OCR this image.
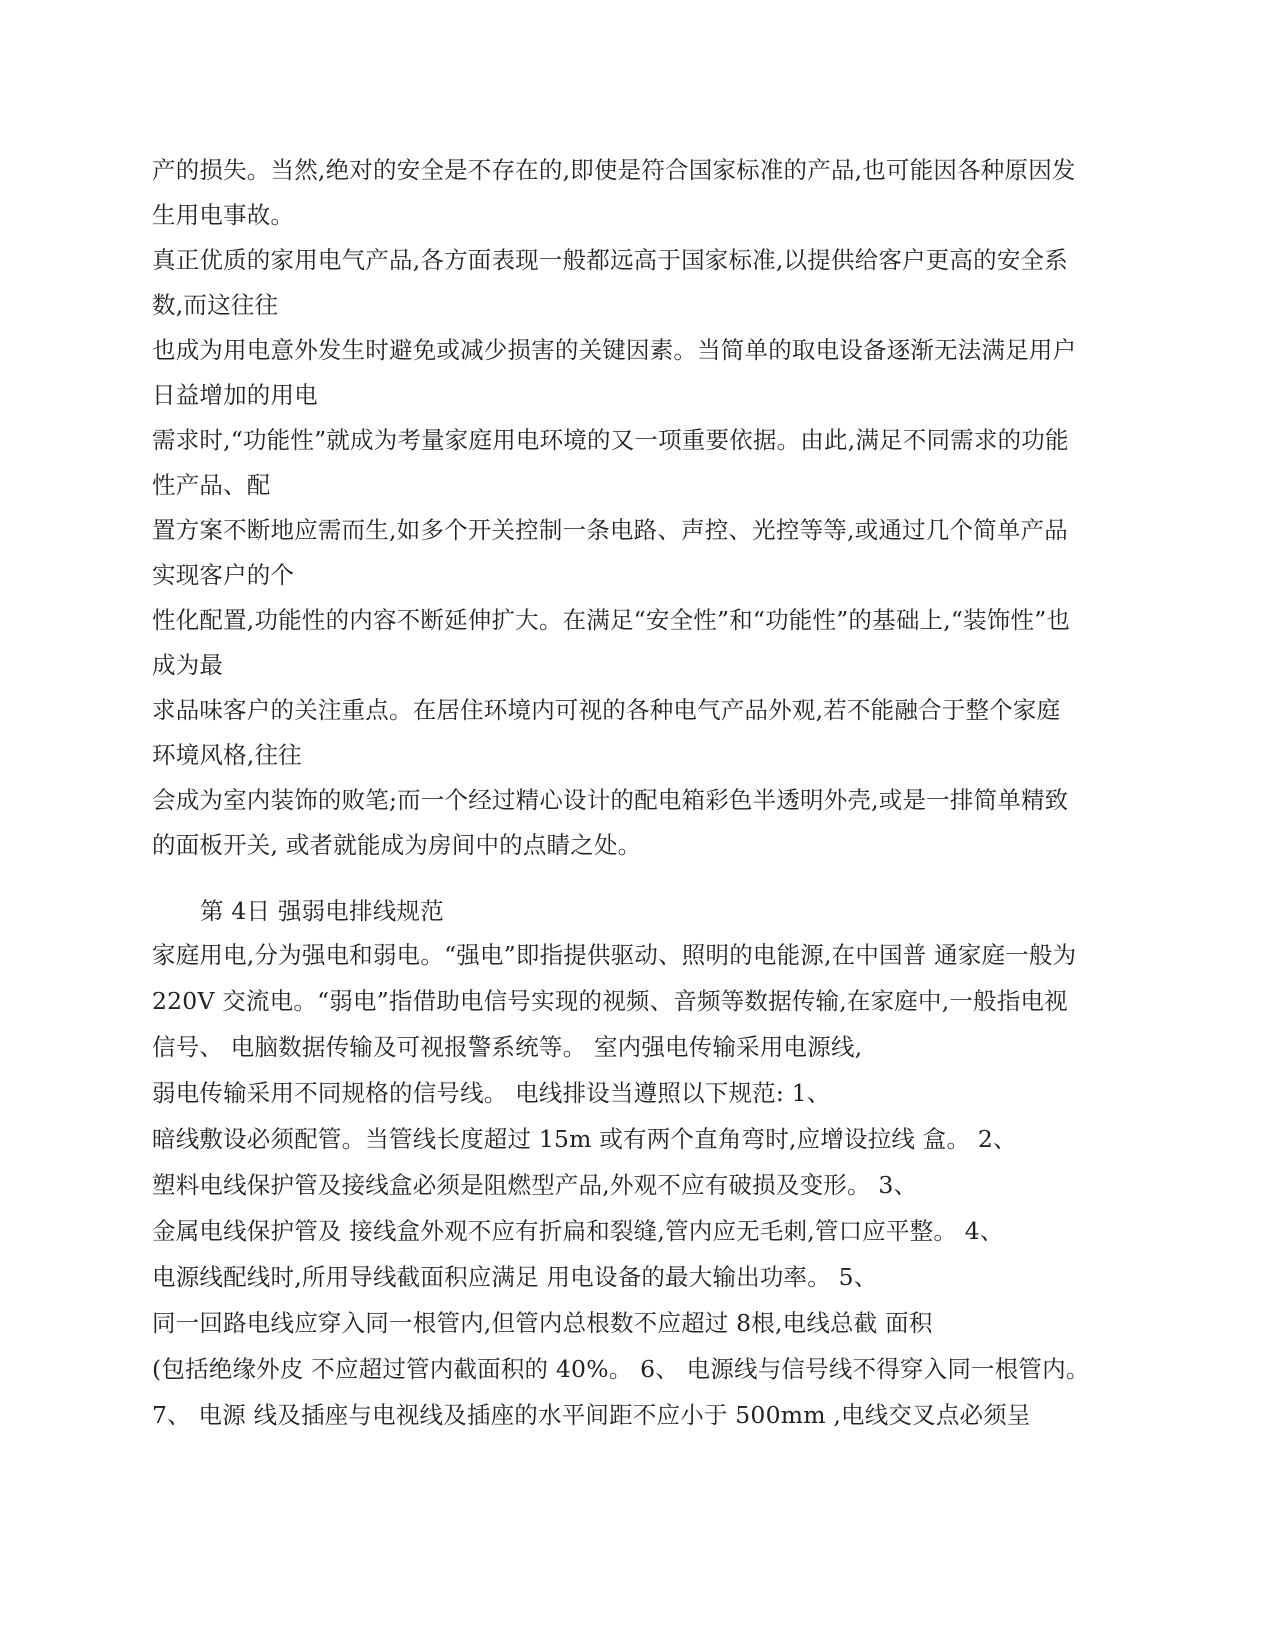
产的损失。当然,绝对的安全是不存在的,即使是符合国家标准的产品,也可能因各种原因发
生用电事故。
真正优质的家用电气产品,各方面表现一般都远高于国家标准,以提供给客户更高的安全系
数,而这往往
也成为用电意外发生时避免或减少损害的关键因素。当简单的取电设备逐渐无法满足用户
日益增加的用电
需求时,“功能性”就成为考量家庭用电环境的又一项重要依据。由此,满足不同需求的功能
性产品、配
置方案不断地应需而生,如多个开关控制一条电路、声控、光控等等,或通过几个简单产品
实现客户的个
性化配置,功能性的内容不断延伸扩大。在满足“安全性”和“功能性”的基础上,“装饰性”也
成为最
求品味客户的关注重点。在居住环境内可视的各种电气产品外观,若不能融合于整个家庭
环境风格,往往
会成为室内装饰的败笔;而一个经过精心设计的配电箱彩色半透明外壳,或是一排简单精致
的面板开关, 或者就能成为房间中的点睛之处。
第 4日 强弱电排线规范
家庭用电,分为强电和弱电。“强电”即指提供驱动、照明的电能源,在中国普 通家庭一般为
220V 交流电。“弱电”指借助电信号实现的视频、音频等数据传输,在家庭中,一般指电视
信号、 电脑数据传输及可视报警系统等。 室内强电传输采用电源线,
弱电传输采用不同规格的信号线。 电线排设当遵照以下规范: 1、
暗线敷设必须配管。当管线长度超过 15m 或有两个直角弯时,应增设拉线 盒。 2、
塑料电线保护管及接线盒必须是阻燃型产品,外观不应有破损及变形。 3、
金属电线保护管及 接线盒外观不应有折扁和裂缝,管内应无毛刺,管口应平整。 4、
电源线配线时,所用导线截面积应满足 用电设备的最大输出功率。 5、
同一回路电线应穿入同一根管内,但管内总根数不应超过 8根,电线总截 面积
(包括绝缘外皮 不应超过管内截面积的 40%。 6、 电源线与信号线不得穿入同一根管内。
7、 电源 线及插座与电视线及插座的水平间距不应小于 500mm ,电线交叉点必须呈
